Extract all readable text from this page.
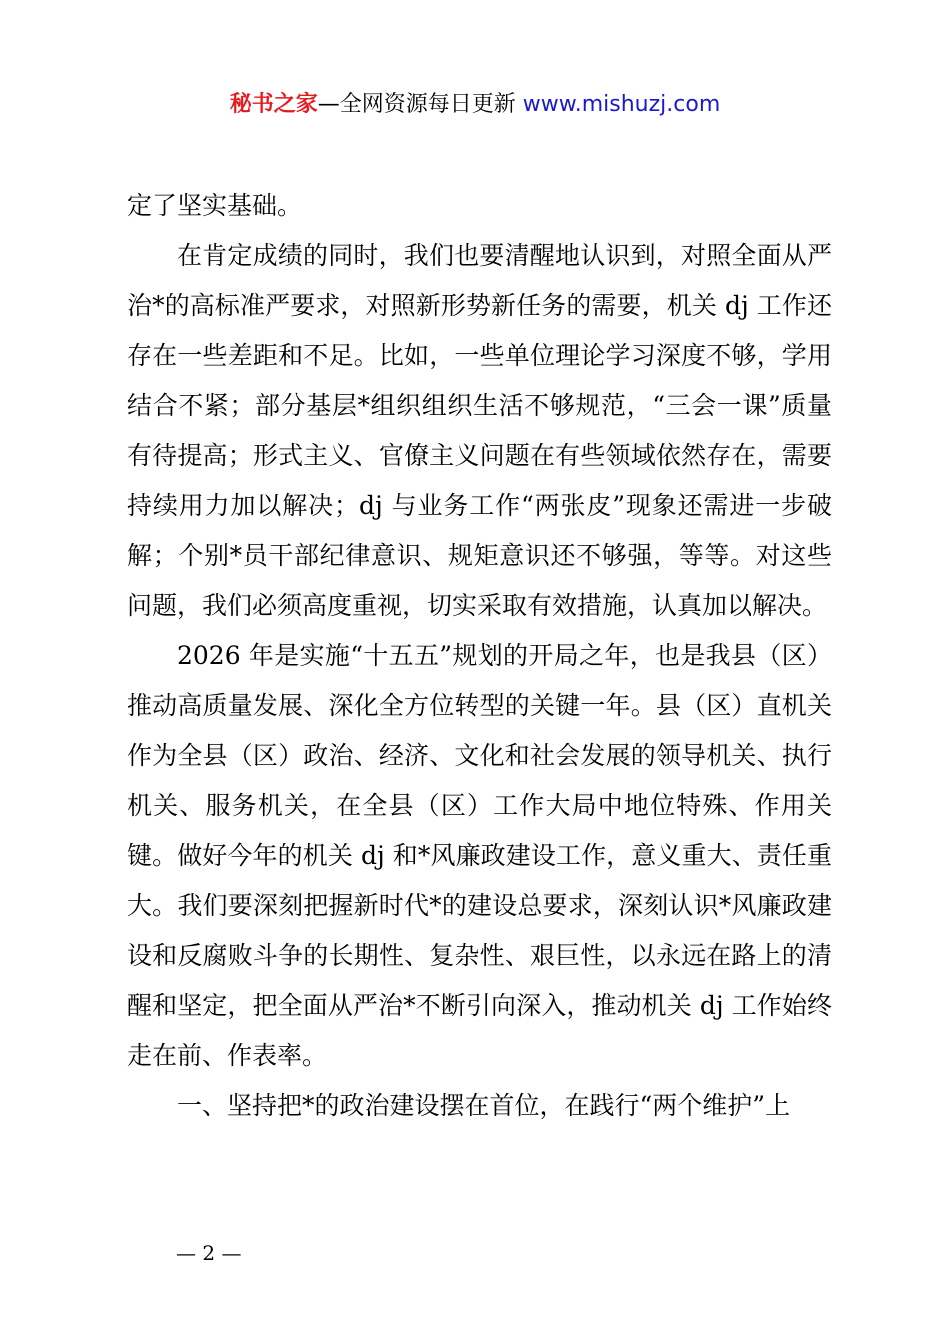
秘书之家—全网资源每日更新 www.mishuzj.com

定了坚实基础。

在肯定成绩的同时，我们也要清醒地认识到，对照全面从严治*的高标准严要求，对照新形势新任务的需要，机关 dj 工作还存在一些差距和不足。比如，一些单位理论学习深度不够，学用结合不紧；部分基层*组织组织生活不够规范，“三会一课”质量有待提高；形式主义、官僚主义问题在有些领域依然存在，需要持续用力加以解决；dj 与业务工作“两张皮”现象还需进一步破解；个别*员干部纪律意识、规矩意识还不够强，等等。对这些问题，我们必须高度重视，切实采取有效措施，认真加以解决。

2026 年是实施“十五五”规划的开局之年，也是我县（区）推动高质量发展、深化全方位转型的关键一年。县（区）直机关作为全县（区）政治、经济、文化和社会发展的领导机关、执行机关、服务机关，在全县（区）工作大局中地位特殊、作用关键。做好今年的机关 dj 和*风廉政建设工作，意义重大、责任重大。我们要深刻把握新时代*的建设总要求，深刻认识*风廉政建设和反腐败斗争的长期性、复杂性、艰巨性，以永远在路上的清醒和坚定，把全面从严治*不断引向深入，推动机关 dj 工作始终走在前、作表率。

一、坚持把*的政治建设摆在首位，在践行“两个维护”上

— 2 —
